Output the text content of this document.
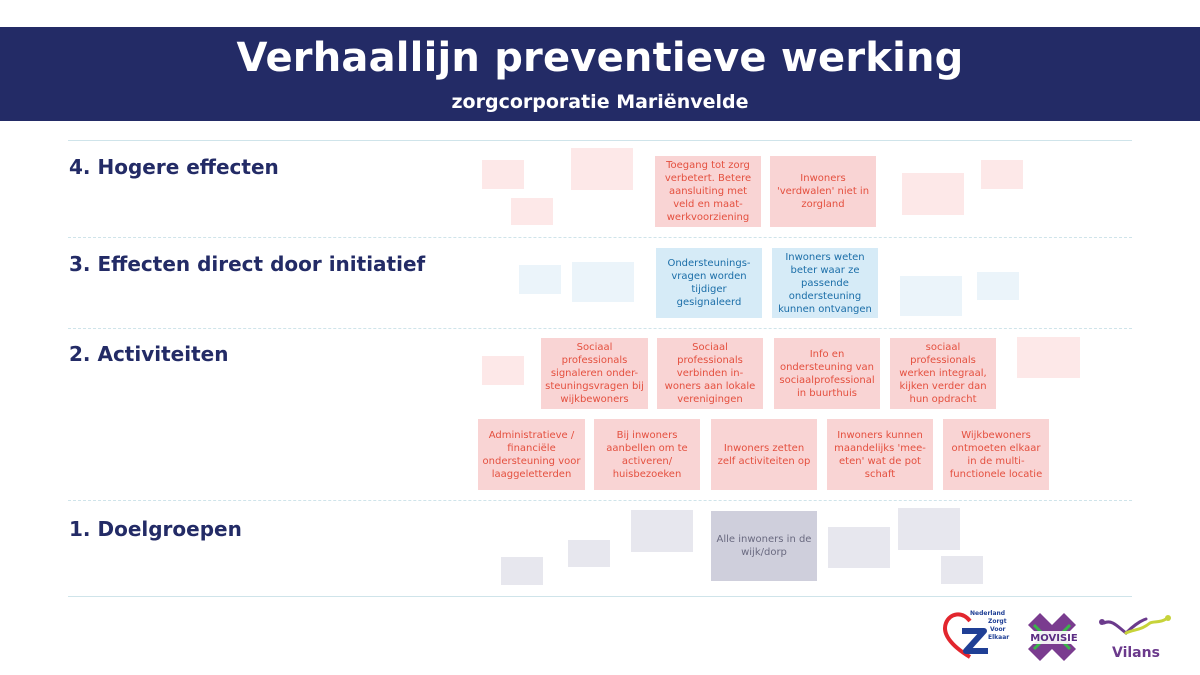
Verhaallijn preventieve werking
zorgcorporatie Mariënvelde
4. Hogere effecten
3. Effecten direct door initiatief
2. Activiteiten
1. Doelgroepen
Toegang tot zorg verbetert. Betere aansluiting met veld en maat-werkvoorziening
Inwoners 'verdwalen' niet in zorgland
Ondersteunings-vragen worden tijdiger gesignaleerd
Inwoners weten beter waar ze passende ondersteuning kunnen ontvangen
Sociaal professionals signaleren onder-steuningsvragen bij wijkbewoners
Sociaal professionals verbinden in-woners aan lokale verenigingen
Info en ondersteuning van sociaalprofessional in buurthuis
sociaal professionals werken integraal, kijken verder dan hun opdracht
Administratieve / financiële ondersteuning voor laaggeletterden
Bij inwoners aanbellen om te activeren/ huisbezoeken
Inwoners zetten zelf activiteiten op
Inwoners kunnen maandelijks 'mee-eten' wat de pot schaft
Wijkbewoners ontmoeten elkaar in de multi-functionele locatie
Alle inwoners in de wijk/dorp
Nederland
Zorgt
Voor
Elkaar MOVISIE
Vilans
